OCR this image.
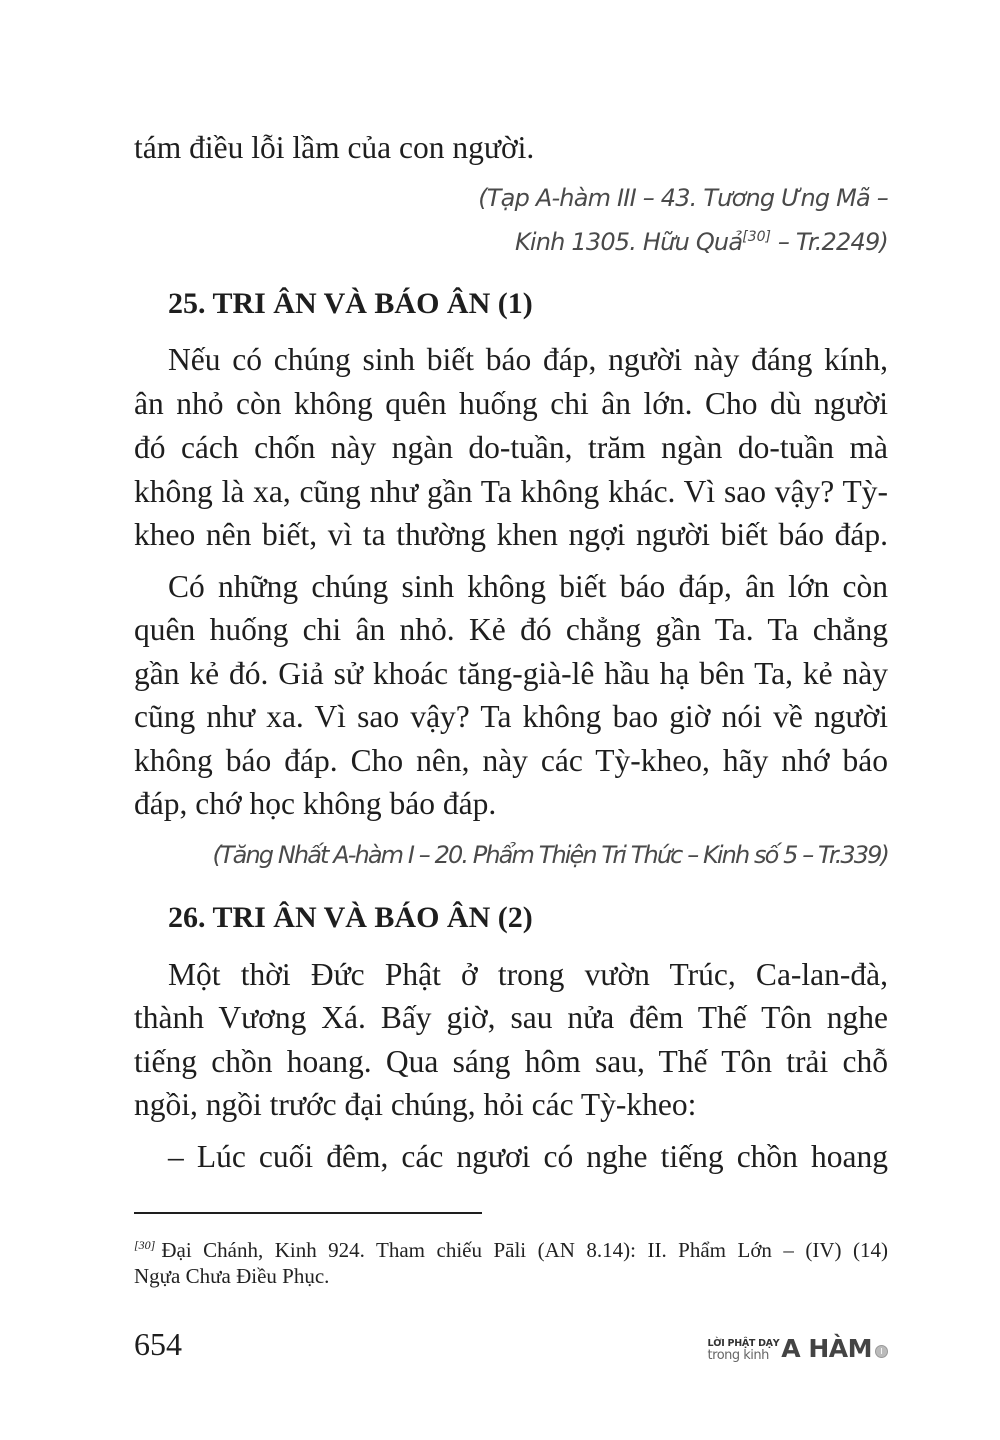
tám điều lỗi lầm của con người.
(Tạp A-hàm III – 43. Tương Ưng Mã –
Kinh 1305. Hữu Quả[30] – Tr.2249)
25. TRI ÂN VÀ BÁO ÂN (1)
Nếu có chúng sinh biết báo đáp, người này đáng kính,
ân nhỏ còn không quên huống chi ân lớn. Cho dù người
đó cách chốn này ngàn do-tuần, trăm ngàn do-tuần mà
không là xa, cũng như gần Ta không khác. Vì sao vậy? Tỳ-
kheo nên biết, vì ta thường khen ngợi người biết báo đáp.
Có những chúng sinh không biết báo đáp, ân lớn còn
quên huống chi ân nhỏ. Kẻ đó chẳng gần Ta. Ta chẳng
gần kẻ đó. Giả sử khoác tăng-già-lê hầu hạ bên Ta, kẻ này
cũng như xa. Vì sao vậy? Ta không bao giờ nói về người
không báo đáp. Cho nên, này các Tỳ-kheo, hãy nhớ báo
đáp, chớ học không báo đáp.
(Tăng Nhất A-hàm I – 20. Phẩm Thiện Tri Thức – Kinh số 5 – Tr.339)
26. TRI ÂN VÀ BÁO ÂN (2)
Một thời Đức Phật ở trong vườn Trúc, Ca-lan-đà,
thành Vương Xá. Bấy giờ, sau nửa đêm Thế Tôn nghe
tiếng chồn hoang. Qua sáng hôm sau, Thế Tôn trải chỗ
ngồi, ngồi trước đại chúng, hỏi các Tỳ-kheo:
– Lúc cuối đêm, các ngươi có nghe tiếng chồn hoang
[30] Đại Chánh, Kinh 924. Tham chiếu Pāli (AN 8.14): II. Phẩm Lớn – (IV) (14)
Ngựa Chưa Điều Phục.
654	LỜI PHẬT DẠY
trong kinh A HÀM	I
